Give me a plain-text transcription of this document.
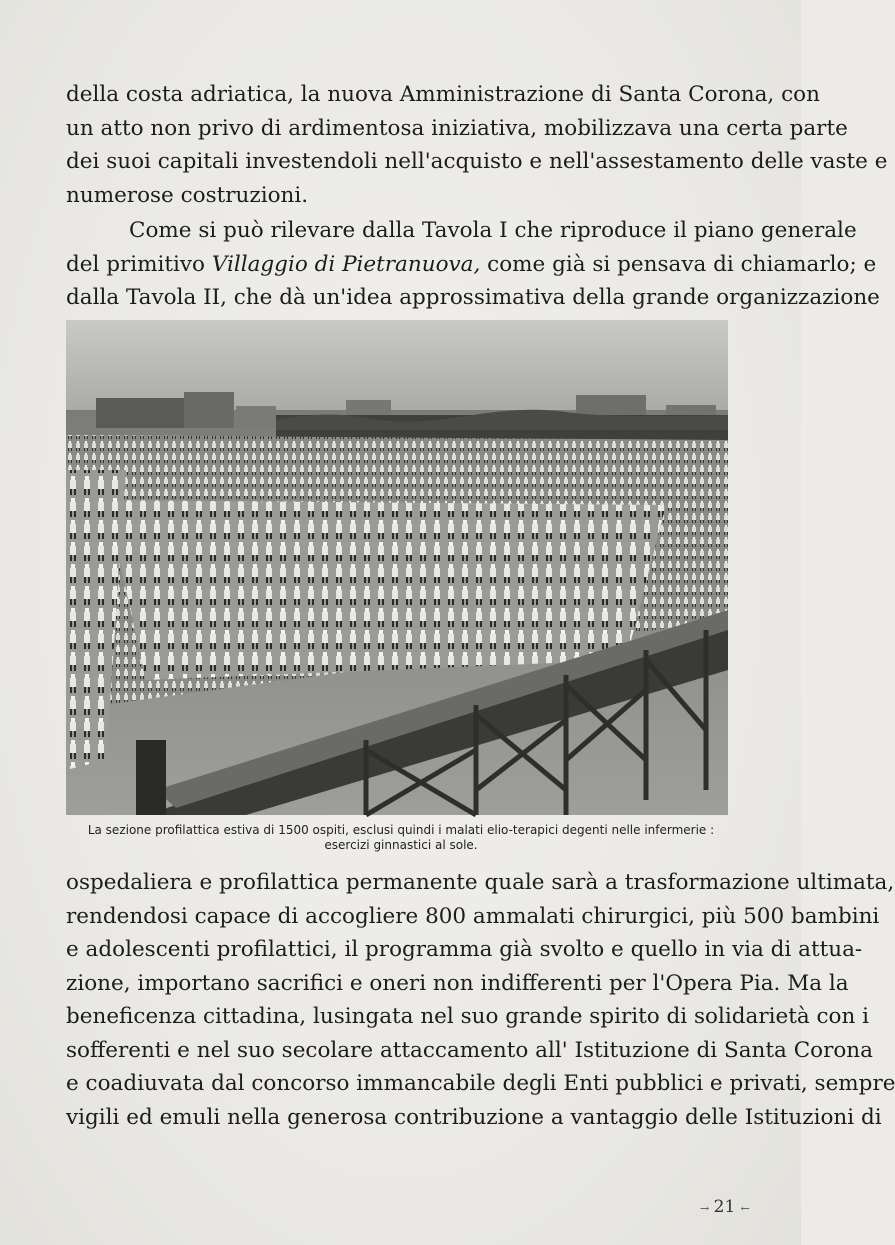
della costa adriatica, la nuova Amministrazione di Santa Corona, con
un atto non privo di ardimentosa iniziativa, mobilizzava una certa parte
dei suoi capitali investendoli nell'acquisto e nell'assestamento delle vaste e
numerose costruzioni.

Come si può rilevare dalla Tavola I che riproduce il piano generale
del primitivo Villaggio di Pietranuova, come già si pensava di chiamarlo; e
dalla Tavola II, che dà un'idea approssimativa della grande organizzazione

La sezione profilattica estiva di 1500 ospiti, esclusi quindi i malati elio-terapici degenti nelle infermerie :
esercizi ginnastici al sole.

ospedaliera e profilattica permanente quale sarà a trasformazione ultimata,
rendendosi capace di accogliere 800 ammalati chirurgici, più 500 bambini
e adolescenti profilattici, il programma già svolto e quello in via di attua-
zione, importano sacrifici e oneri non indifferenti per l'Opera Pia. Ma la
beneficenza cittadina, lusingata nel suo grande spirito di solidarietà con i
sofferenti e nel suo secolare attaccamento all' Istituzione di Santa Corona
e coadiuvata dal concorso immancabile degli Enti pubblici e privati, sempre
vigili ed emuli nella generosa contribuzione a vantaggio delle Istituzioni di

→ 21 ←
